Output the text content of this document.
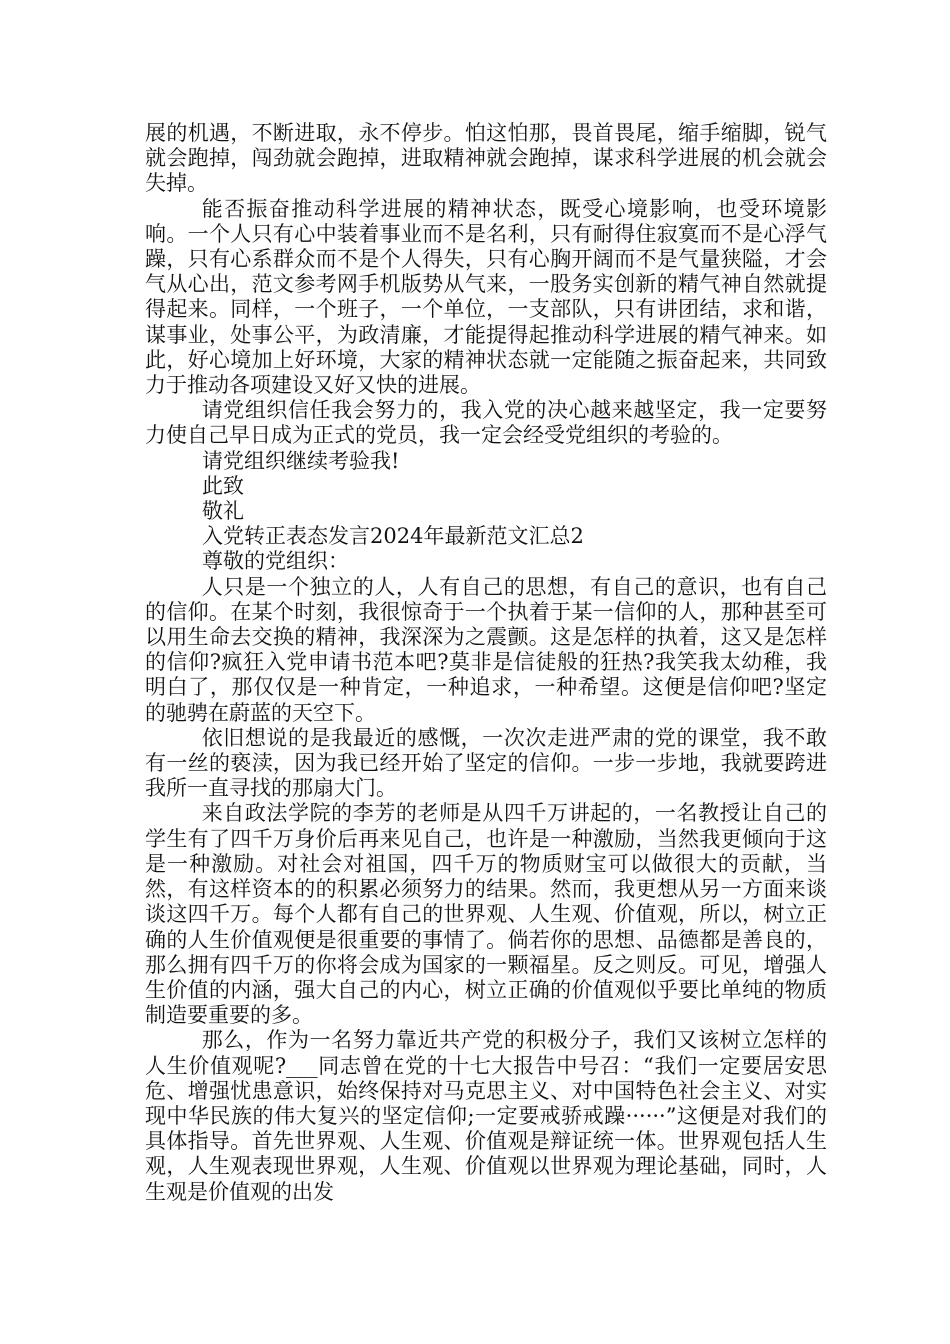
展的机遇，不断进取，永不停步。怕这怕那，畏首畏尾，缩手缩脚，锐气就会跑掉，闯劲就会跑掉，进取精神就会跑掉，谋求科学进展的机会就会失掉。

能否振奋推动科学进展的精神状态，既受心境影响，也受环境影响。一个人只有心中装着事业而不是名利，只有耐得住寂寞而不是心浮气躁，只有心系群众而不是个人得失，只有心胸开阔而不是气量狭隘，才会气从心出，范文参考网手机版势从气来，一股务实创新的精气神自然就提得起来。同样，一个班子，一个单位，一支部队，只有讲团结，求和谐，谋事业，处事公平，为政清廉，才能提得起推动科学进展的精气神来。如此，好心境加上好环境，大家的精神状态就一定能随之振奋起来，共同致力于推动各项建设又好又快的进展。

请党组织信任我会努力的，我入党的决心越来越坚定，我一定要努力使自己早日成为正式的党员，我一定会经受党组织的考验的。

请党组织继续考验我!

此致

敬礼

入党转正表态发言2024年最新范文汇总2

尊敬的党组织：

人只是一个独立的人，人有自己的思想，有自己的意识，也有自己的信仰。在某个时刻，我很惊奇于一个执着于某一信仰的人，那种甚至可以用生命去交换的精神，我深深为之震颤。这是怎样的执着，这又是怎样的信仰?疯狂入党申请书范本吧?莫非是信徒般的狂热?我笑我太幼稚，我明白了，那仅仅是一种肯定，一种追求，一种希望。这便是信仰吧?坚定的驰骋在蔚蓝的天空下。

依旧想说的是我最近的感慨，一次次走进严肃的党的课堂，我不敢有一丝的亵渎，因为我已经开始了坚定的信仰。一步一步地，我就要跨进我所一直寻找的那扇大门。

来自政法学院的李芳的老师是从四千万讲起的，一名教授让自己的学生有了四千万身价后再来见自己，也许是一种激励，当然我更倾向于这是一种激励。对社会对祖国，四千万的物质财宝可以做很大的贡献，当然，有这样资本的的积累必须努力的结果。然而，我更想从另一方面来谈谈这四千万。每个人都有自己的世界观、人生观、价值观，所以，树立正确的人生价值观便是很重要的事情了。倘若你的思想、品德都是善良的，那么拥有四千万的你将会成为国家的一颗福星。反之则反。可见，增强人生价值的内涵，强大自己的内心，树立正确的价值观似乎要比单纯的物质制造要重要的多。

那么，作为一名努力靠近共产党的积极分子，我们又该树立怎样的人生价值观呢?___同志曾在党的十七大报告中号召：“我们一定要居安思危、增强忧患意识，始终保持对马克思主义、对中国特色社会主义、对实现中华民族的伟大复兴的坚定信仰;一定要戒骄戒躁······”这便是对我们的具体指导。首先世界观、人生观、价值观是辩证统一体。世界观包括人生观，人生观表现世界观，人生观、价值观以世界观为理论基础，同时，人生观是价值观的出发
